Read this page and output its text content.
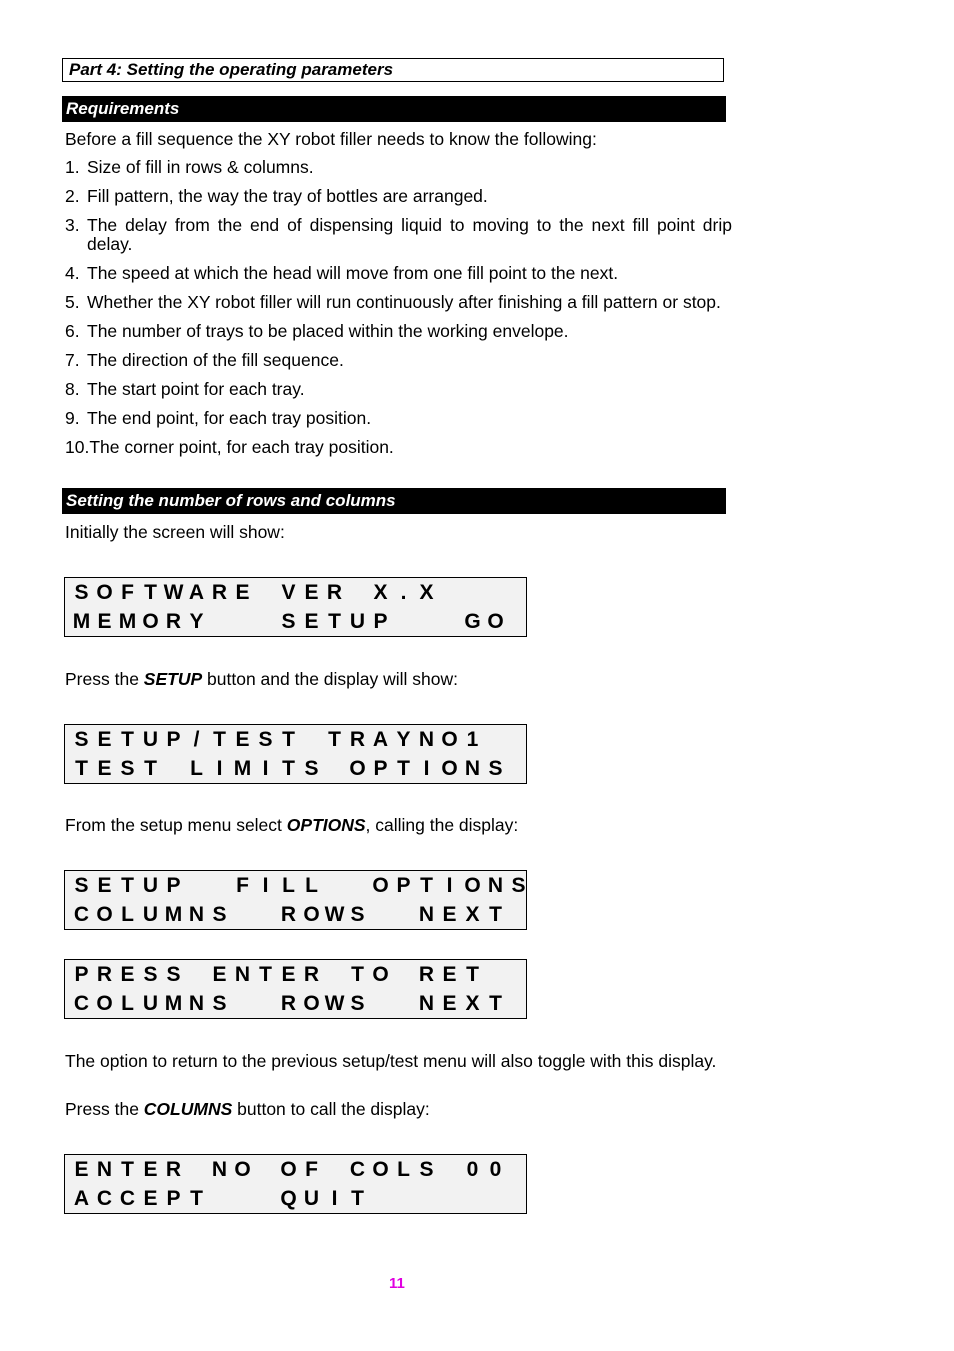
Part 4: Setting the operating parameters
Requirements
Before a fill sequence the XY robot filler needs to know the following:
1. Size of fill in rows & columns.
2. Fill pattern, the way the tray of bottles are arranged.
3. The delay from the end of dispensing liquid to moving to the next fill point drip delay.
4. The speed at which the head will move from one fill point to the next.
5. Whether the XY robot filler will run continuously after finishing a fill pattern or stop.
6. The number of trays to be placed within the working envelope.
7. The direction of the fill sequence.
8. The start point for each tray.
9. The end point, for each tray position.
10. The corner point, for each tray position.
Setting the number of rows and columns
Initially the screen will show:
S O F T W A R E V E R X . X
M E M O R Y	S E T U P	G O
Press the SETUP button and the display will show:
S E T U P / T E S T T R A Y N O 1
T E S T L I M I T S O P T I O N S
From the setup menu select OPTIONS, calling the display:
S E T U P	F I L L	O P T I O N S
C O L U M N S	R O W S	N E X T
P R E S S E N T E R T O R E T
C O L U M N S	R O W S	N E X T
The option to return to the previous setup/test menu will also toggle with this display.
Press the COLUMNS button to call the display:
E N T E R N O O F C O L S 0 0
A C C E P T	Q U I T
11
